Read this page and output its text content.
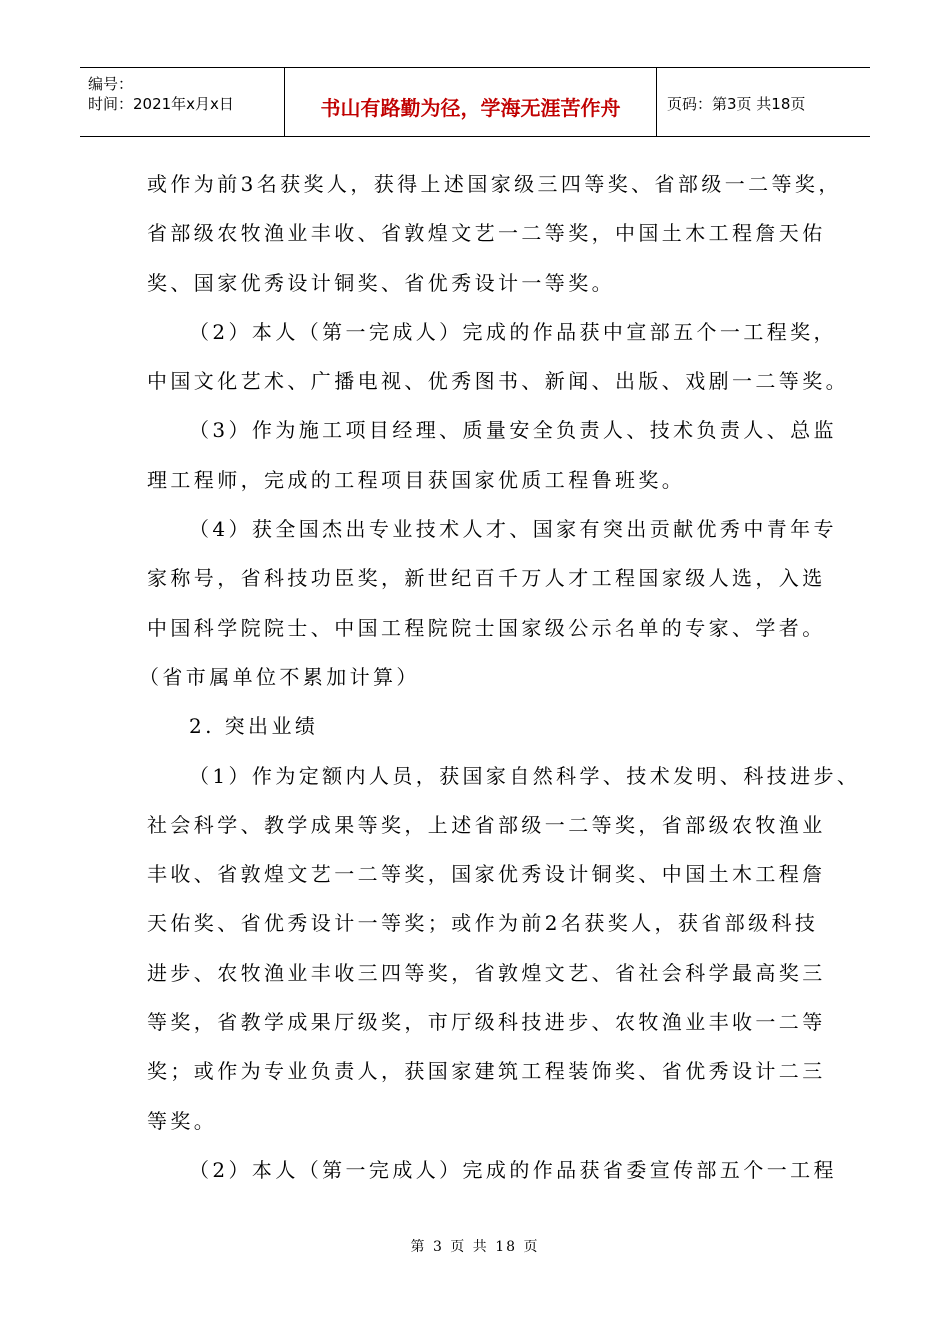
编号：
时间：2021年x月x日	书山有路勤为径，学海无涯苦作舟	页码：第3页 共18页
或作为前3名获奖人，获得上述国家级三四等奖、省部级一二等奖，
省部级农牧渔业丰收、省敦煌文艺一二等奖，中国土木工程詹天佑
奖、国家优秀设计铜奖、省优秀设计一等奖。
（2）本人（第一完成人）完成的作品获中宣部五个一工程奖，
中国文化艺术、广播电视、优秀图书、新闻、出版、戏剧一二等奖。
（3）作为施工项目经理、质量安全负责人、技术负责人、总监
理工程师，完成的工程项目获国家优质工程鲁班奖。
（4）获全国杰出专业技术人才、国家有突出贡献优秀中青年专
家称号，省科技功臣奖，新世纪百千万人才工程国家级人选，入选
中国科学院院士、中国工程院院士国家级公示名单的专家、学者。
（省市属单位不累加计算）
2. 突出业绩
（1）作为定额内人员，获国家自然科学、技术发明、科技进步、
社会科学、教学成果等奖，上述省部级一二等奖，省部级农牧渔业
丰收、省敦煌文艺一二等奖，国家优秀设计铜奖、中国土木工程詹
天佑奖、省优秀设计一等奖；或作为前2名获奖人，获省部级科技
进步、农牧渔业丰收三四等奖，省敦煌文艺、省社会科学最高奖三
等奖，省教学成果厅级奖，市厅级科技进步、农牧渔业丰收一二等
奖；或作为专业负责人，获国家建筑工程装饰奖、省优秀设计二三
等奖。
（2）本人（第一完成人）完成的作品获省委宣传部五个一工程
第 3 页 共 18 页
